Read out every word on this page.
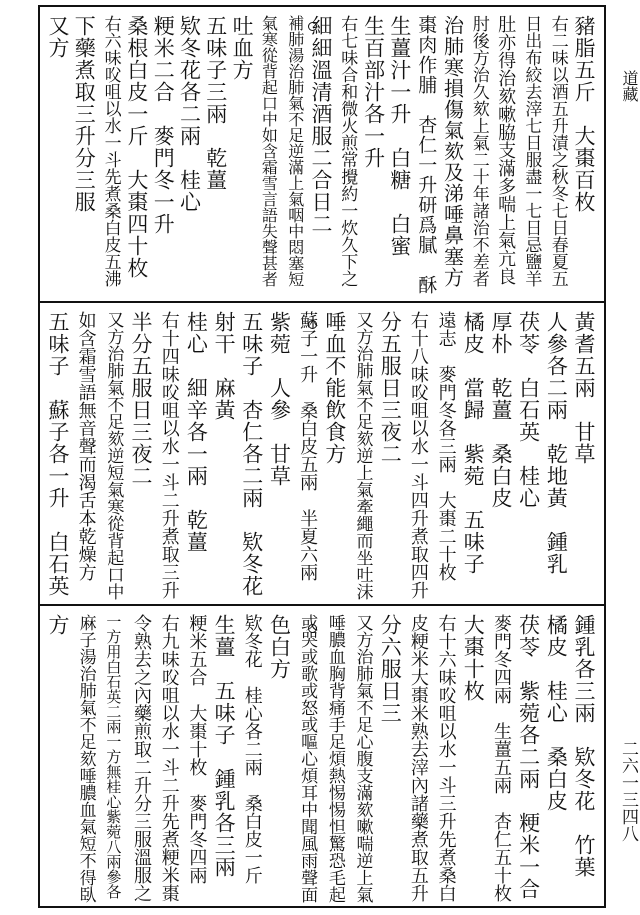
道藏
二六一三四八
豬脂五斤　大棗百枚
右二味以酒五升漬之秋冬七日春夏五
日出布絞去滓七日服盡一七日忌鹽羊
肚亦得治欬嗽脇支滿多喘上氣亢良
肘後方治久欬上氣二十年諸治不差者
治肺寒損傷氣欬及涕唾鼻塞方
棗肉作脯　杏仁一升研爲膩　酥
生薑汁一升　白糖　白蜜
生百部汁各一升
右七味合和微火煎常攪約一炊久下之
細細溫清酒服二合日二
補肺湯治肺氣不足逆滿上氣咽中悶塞短
氣寒從背起口中如含霜雪言語失聲甚者
吐血方
五味子三兩　乾薑
欵冬花各二兩　桂心
粳米二合　麥門冬一升
桑根白皮一斤　大棗四十枚
右六味㕮咀以水一斗先煮桑白皮五沸
下藥煮取三升分三服
又方
黃耆五兩　甘草
人參各二兩　乾地黃　鍾乳
茯苓　白石英　桂心
厚朴　乾薑　桑白皮
橘皮　當歸　紫菀　五味子
遠志　麥門冬各三兩　大棗二十枚
右十八味㕮咀以水一斗四升煮取四升
分五服日三夜二
又方治肺氣不足欬逆上氣牽繩而坐吐沫
唾血不能飲食方
蘇子一升　桑白皮五兩　半夏六兩
紫菀　人參　甘草
五味子　杏仁各二兩　欵冬花
射干　麻黃
桂心　細辛各一兩　乾薑
右十四味㕮咀以水一斗二升煮取三升
半分五服日三夜二
又方治肺氣不足欬逆短氣寒從背起口中
如含霜雪語無音聲而渴舌本乾燥方
五味子　蘇子各一升　白石英
鍾乳各三兩　欵冬花　竹葉
橘皮　桂心　桑白皮
茯苓　紫菀各二兩　粳米一合
麥門冬四兩　生薑五兩　杏仁五十枚
大棗十枚
右十六味㕮咀以水一斗三升先煮桑白
皮粳米大棗米熟去滓內諸藥煮取五升
分六服日三
又方治肺氣不足心腹支滿欬嗽喘逆上氣
唾膿血胸背痛手足煩熱惕惕怛驚恐毛起
或哭或歌或怒或嘔心煩耳中聞風雨聲面
色白方
欵冬花　桂心各二兩　桑白皮一斤
生薑　五味子　鍾乳各三兩
粳米五合　大棗十枚　麥門冬四兩
右九味㕮咀以水一斗二升先煮粳米棗
令熟去之內藥煎取二升分三服溫服之
一方用白石英二兩一方無桂心紫菀八兩參各
麻子湯治肺氣不足欬唾膿血氣短不得臥
方
